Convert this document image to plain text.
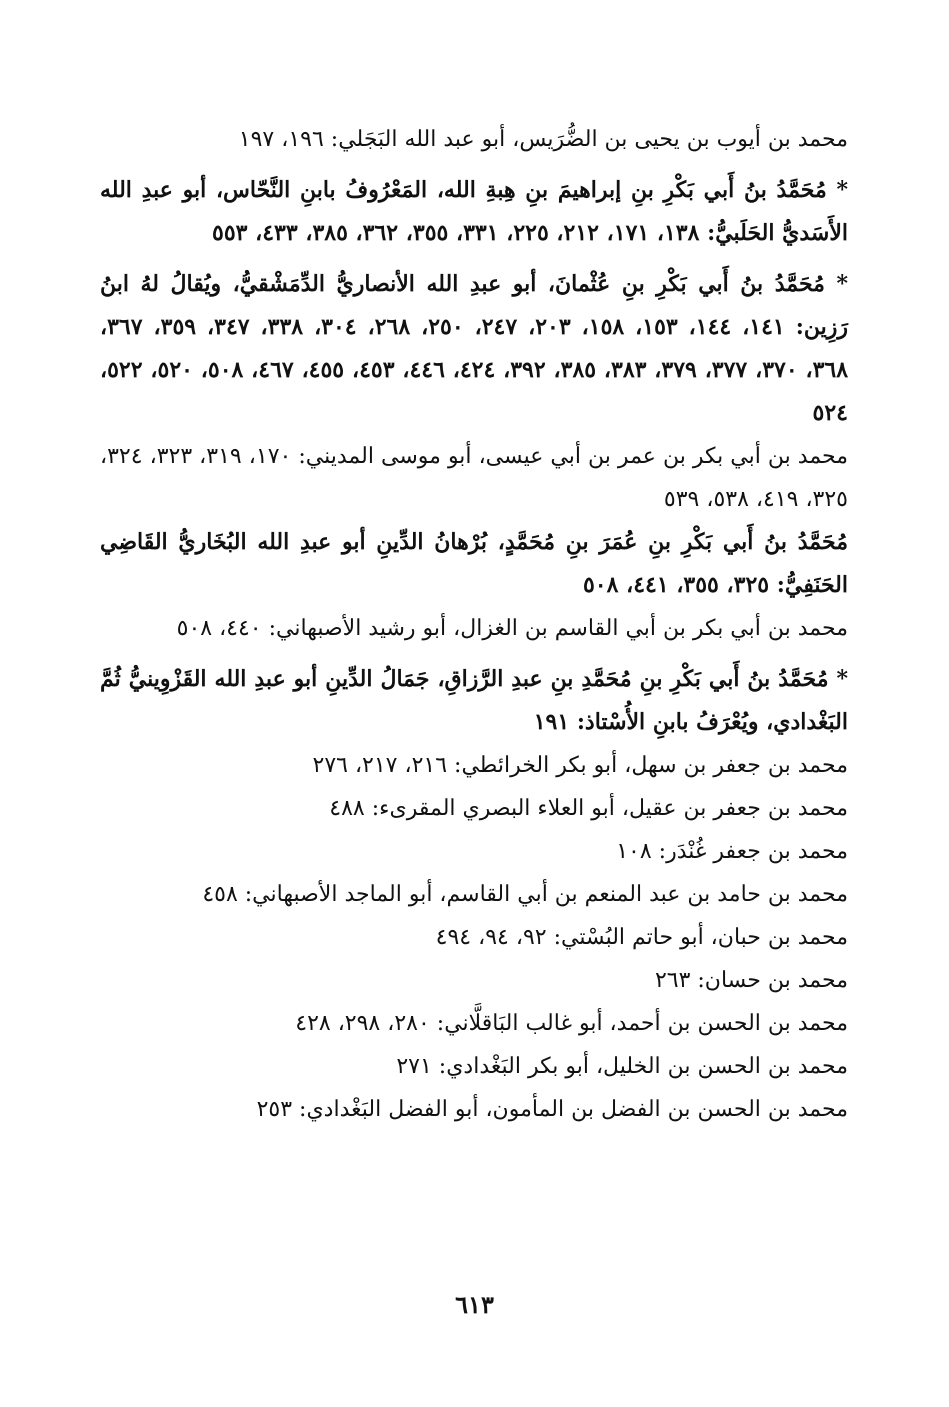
محمد بن أيوب بن يحيى بن الضُّرَيس، أبو عبد الله البَجَلي: ١٩٦، ١٩٧
* مُحَمَّدُ بنُ أَبي بَكْرِ بنِ إبراهيمَ بنِ هِبةِ الله، المَعْرُوفُ بابنِ النَّحّاس، أبو عبدِ الله الأَسَديُّ الحَلَبيُّ: ١٣٨، ١٧١، ٢١٢، ٢٢٥، ٣٣١، ٣٥٥، ٣٦٢، ٣٨٥، ٤٣٣، ٥٥٣
* مُحَمَّدُ بنُ أَبي بَكْرِ بنِ عُثْمانَ، أبو عبدِ الله الأنصاريُّ الدِّمَشْقيُّ، ويُقالُ لهُ ابنُ رَزِين: ١٤١، ١٤٤، ١٥٣، ١٥٨، ٢٠٣، ٢٤٧، ٢٥٠، ٢٦٨، ٣٠٤، ٣٣٨، ٣٤٧، ٣٥٩، ٣٦٧، ٣٦٨، ٣٧٠، ٣٧٧، ٣٧٩، ٣٨٣، ٣٨٥، ٣٩٢، ٤٢٤، ٤٤٦، ٤٥٣، ٤٥٥، ٤٦٧، ٥٠٨، ٥٢٠، ٥٢٢، ٥٢٤
محمد بن أبي بكر بن عمر بن أبي عيسى، أبو موسى المديني: ١٧٠، ٣١٩، ٣٢٣، ٣٢٤، ٣٢٥، ٤١٩، ٥٣٨، ٥٣٩
مُحَمَّدُ بنُ أَبي بَكْرِ بنِ عُمَرَ بنِ مُحَمَّدٍ، بُرْهانُ الدِّينِ أبو عبدِ الله البُخَاريُّ القَاضِي الحَنَفِيُّ: ٣٢٥، ٣٥٥، ٤٤١، ٥٠٨
محمد بن أبي بكر بن أبي القاسم بن الغزال، أبو رشيد الأصبهاني: ٤٤٠، ٥٠٨
* مُحَمَّدُ بنُ أَبي بَكْرِ بنِ مُحَمَّدِ بنِ عبدِ الرَّزاقِ، جَمَالُ الدِّينِ أبو عبدِ الله القَزْوِينيُّ ثُمَّ البَغْدادي، ويُعْرَفُ بابنِ الأُسْتاذ: ١٩١
محمد بن جعفر بن سهل، أبو بكر الخرائطي: ٢١٦، ٢١٧، ٢٧٦
محمد بن جعفر بن عقيل، أبو العلاء البصري المقرىء: ٤٨٨
محمد بن جعفر غُنْدَر: ١٠٨
محمد بن حامد بن عبد المنعم بن أبي القاسم، أبو الماجد الأصبهاني: ٤٥٨
محمد بن حبان، أبو حاتم البُسْتي: ٩٢، ٩٤، ٤٩٤
محمد بن حسان: ٢٦٣
محمد بن الحسن بن أحمد، أبو غالب البَاقلَّاني: ٢٨٠، ٢٩٨، ٤٢٨
محمد بن الحسن بن الخليل، أبو بكر البَغْدادي: ٢٧١
محمد بن الحسن بن الفضل بن المأمون، أبو الفضل البَغْدادي: ٢٥٣
٦١٣
